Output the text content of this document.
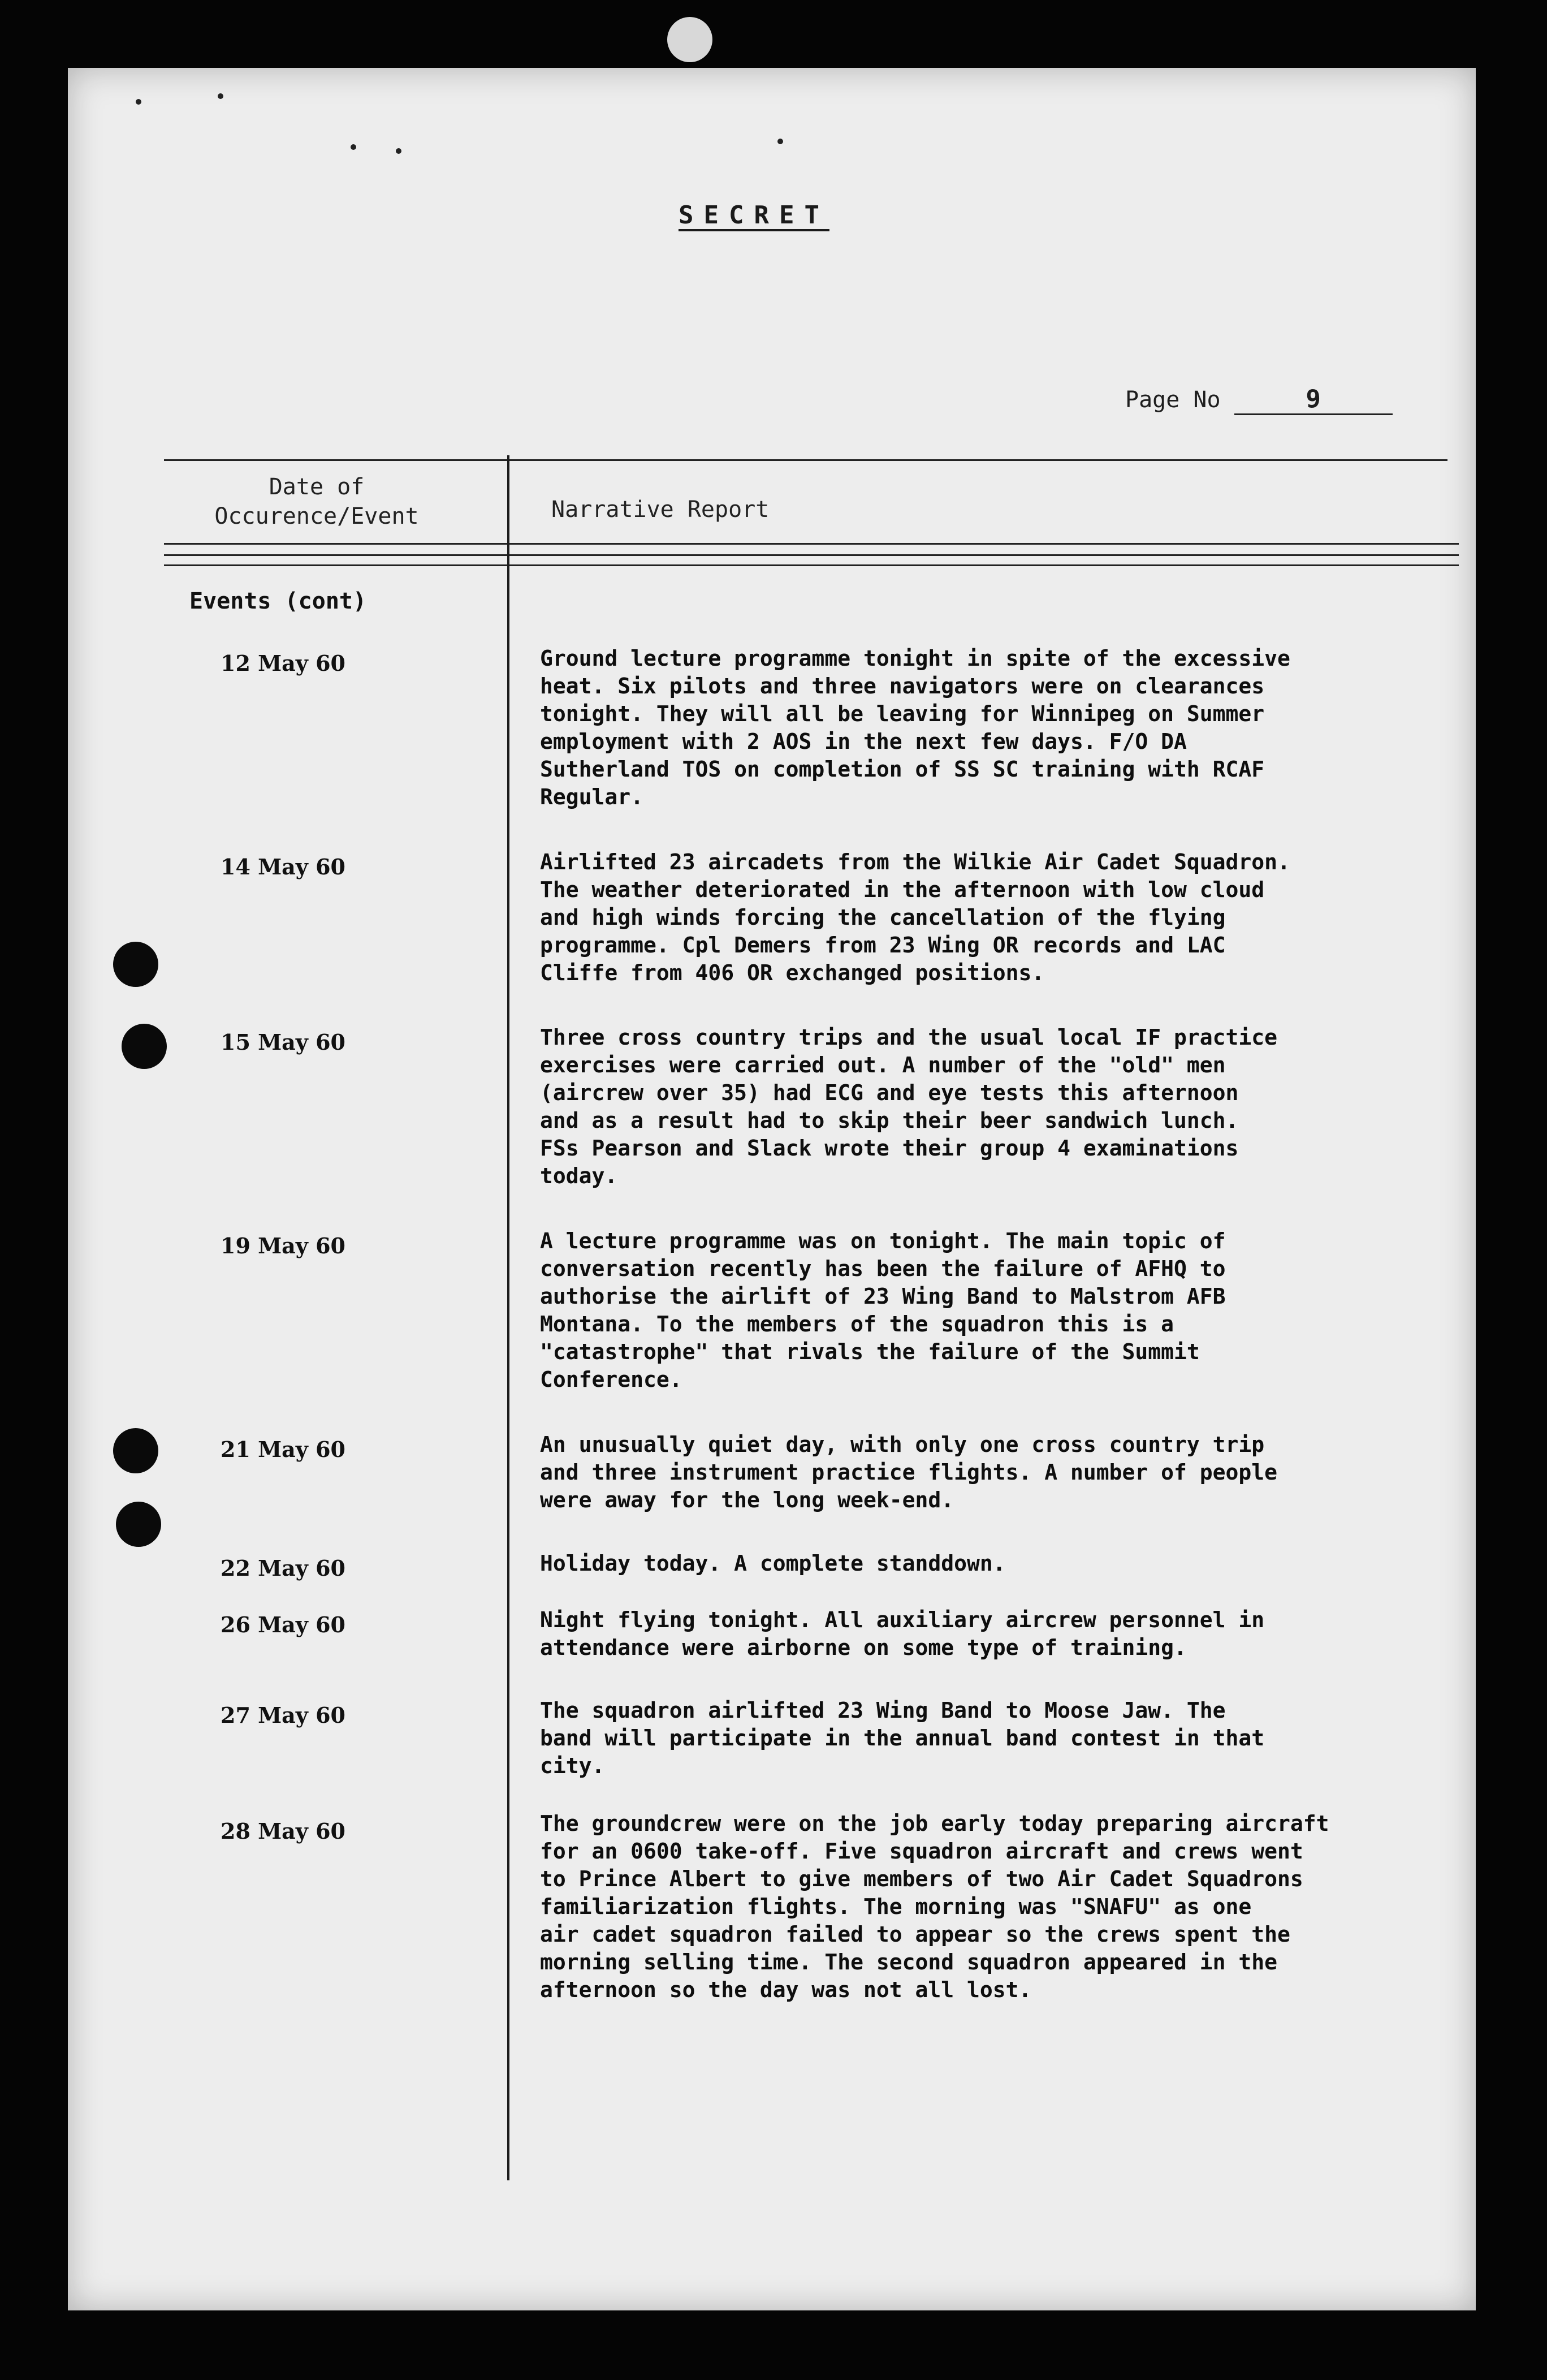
SECRET
Page No	9
Date of
Occurence/Event	Narrative Report
Events (cont)
12 May 60	Ground lecture programme tonight in spite of the excessive
heat. Six pilots and three navigators were on clearances
tonight. They will all be leaving for Winnipeg on Summer
employment with 2 AOS in the next few days. F/O DA
Sutherland TOS on completion of SS SC training with RCAF
Regular.
14 May 60	Airlifted 23 aircadets from the Wilkie Air Cadet Squadron.
The weather deteriorated in the afternoon with low cloud
and high winds forcing the cancellation of the flying
programme. Cpl Demers from 23 Wing OR records and LAC
Cliffe from 406 OR exchanged positions.
15 May 60	Three cross country trips and the usual local IF practice
exercises were carried out. A number of the "old" men
(aircrew over 35) had ECG and eye tests this afternoon
and as a result had to skip their beer sandwich lunch.
FSs Pearson and Slack wrote their group 4 examinations
today.
19 May 60	A lecture programme was on tonight. The main topic of
conversation recently has been the failure of AFHQ to
authorise the airlift of 23 Wing Band to Malstrom AFB
Montana. To the members of the squadron this is a
"catastrophe" that rivals the failure of the Summit
Conference.
21 May 60	An unusually quiet day, with only one cross country trip
and three instrument practice flights. A number of people
were away for the long week-end.
22 May 60	Holiday today. A complete standdown.
26 May 60	Night flying tonight. All auxiliary aircrew personnel in
attendance were airborne on some type of training.
27 May 60	The squadron airlifted 23 Wing Band to Moose Jaw. The
band will participate in the annual band contest in that
city.
28 May 60	The groundcrew were on the job early today preparing aircraft
for an 0600 take-off. Five squadron aircraft and crews went
to Prince Albert to give members of two Air Cadet Squadrons
familiarization flights. The morning was "SNAFU" as one
air cadet squadron failed to appear so the crews spent the
morning selling time. The second squadron appeared in the
afternoon so the day was not all lost.
